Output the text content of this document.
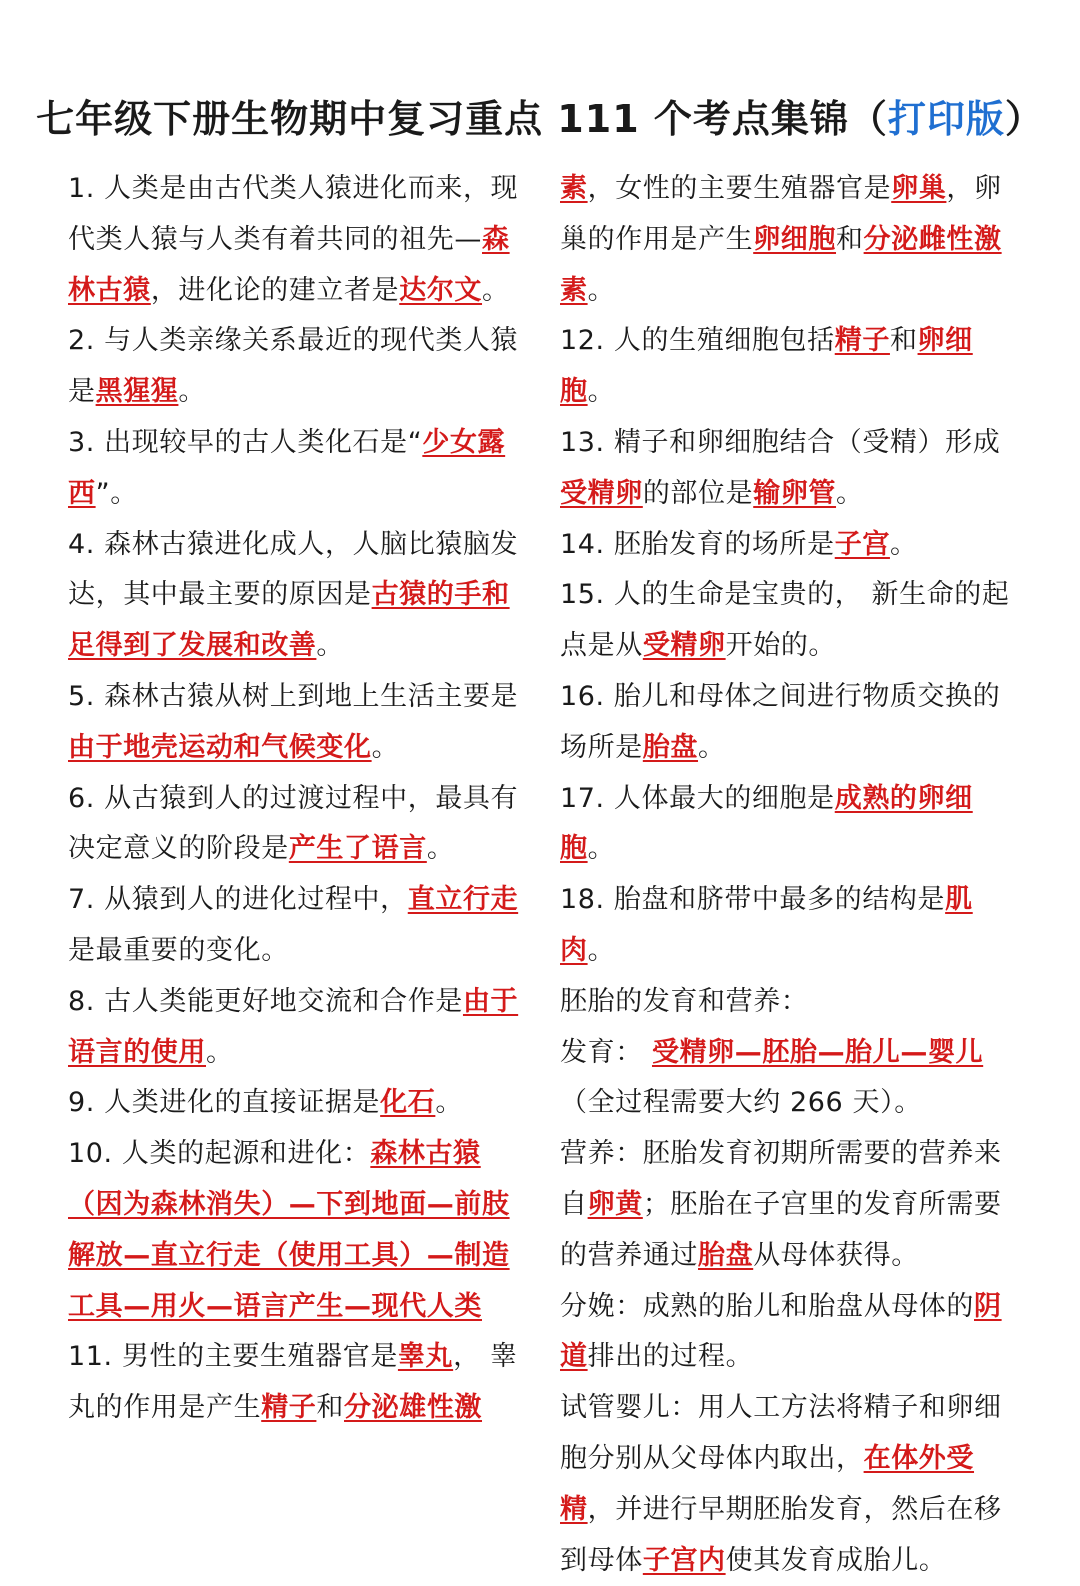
七年级下册生物期中复习重点 111 个考点集锦（打印版）

1. 人类是由古代类人猿进化而来，现代类人猿与人类有着共同的祖先—森林古猿，进化论的建立者是达尔文。

2. 与人类亲缘关系最近的现代类人猿是黑猩猩。

3. 出现较早的古人类化石是“少女露西”。

4. 森林古猿进化成人，人脑比猿脑发达，其中最主要的原因是古猿的手和足得到了发展和改善。

5. 森林古猿从树上到地上生活主要是由于地壳运动和气候变化。

6. 从古猿到人的过渡过程中，最具有决定意义的阶段是产生了语言。

7. 从猿到人的进化过程中，直立行走是最重要的变化。

8. 古人类能更好地交流和合作是由于语言的使用。

9. 人类进化的直接证据是化石。

10. 人类的起源和进化：森林古猿（因为森林消失）—下到地面—前肢解放—直立行走（使用工具）—制造工具—用火—语言产生—现代人类

11. 男性的主要生殖器官是睾丸， 睾丸的作用是产生精子和分泌雄性激

素，女性的主要生殖器官是卵巢，卵巢的作用是产生卵细胞和分泌雌性激素。

12. 人的生殖细胞包括精子和卵细胞。

13. 精子和卵细胞结合（受精）形成受精卵的部位是输卵管。

14. 胚胎发育的场所是子宫。

15. 人的生命是宝贵的， 新生命的起点是从受精卵开始的。

16. 胎儿和母体之间进行物质交换的场所是胎盘。

17. 人体最大的细胞是成熟的卵细胞。

18. 胎盘和脐带中最多的结构是肌肉。

胚胎的发育和营养：

发育： 受精卵—胚胎—胎儿—婴儿（全过程需要大约 266 天）。

营养：胚胎发育初期所需要的营养来自卵黄；胚胎在子宫里的发育所需要的营养通过胎盘从母体获得。

分娩：成熟的胎儿和胎盘从母体的阴道排出的过程。

试管婴儿：用人工方法将精子和卵细胞分别从父母体内取出，在体外受精，并进行早期胚胎发育，然后在移到母体子宫内使其发育成胎儿。
